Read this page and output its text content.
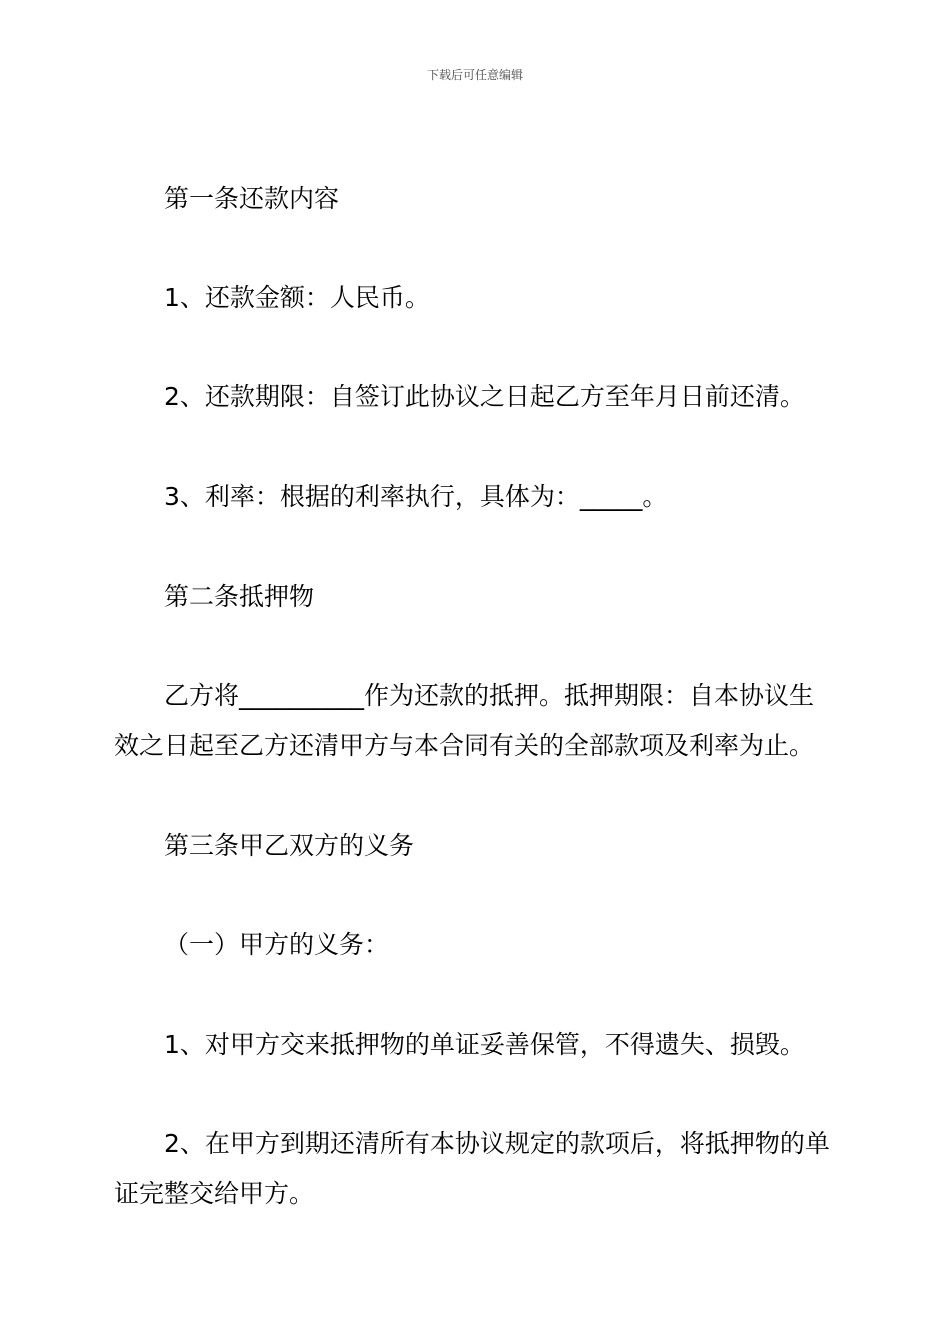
下载后可任意编辑
第一条还款内容
1、还款金额：人民币。
2、还款期限：自签订此协议之日起乙方至年月日前还清。
3、利率：根据的利率执行，具体为：_____。
第二条抵押物
乙方将__________作为还款的抵押。抵押期限：自本协议生效之日起至乙方还清甲方与本合同有关的全部款项及利率为止。
第三条甲乙双方的义务
（一）甲方的义务：
1、对甲方交来抵押物的单证妥善保管，不得遗失、损毁。
2、在甲方到期还清所有本协议规定的款项后，将抵押物的单证完整交给甲方。
